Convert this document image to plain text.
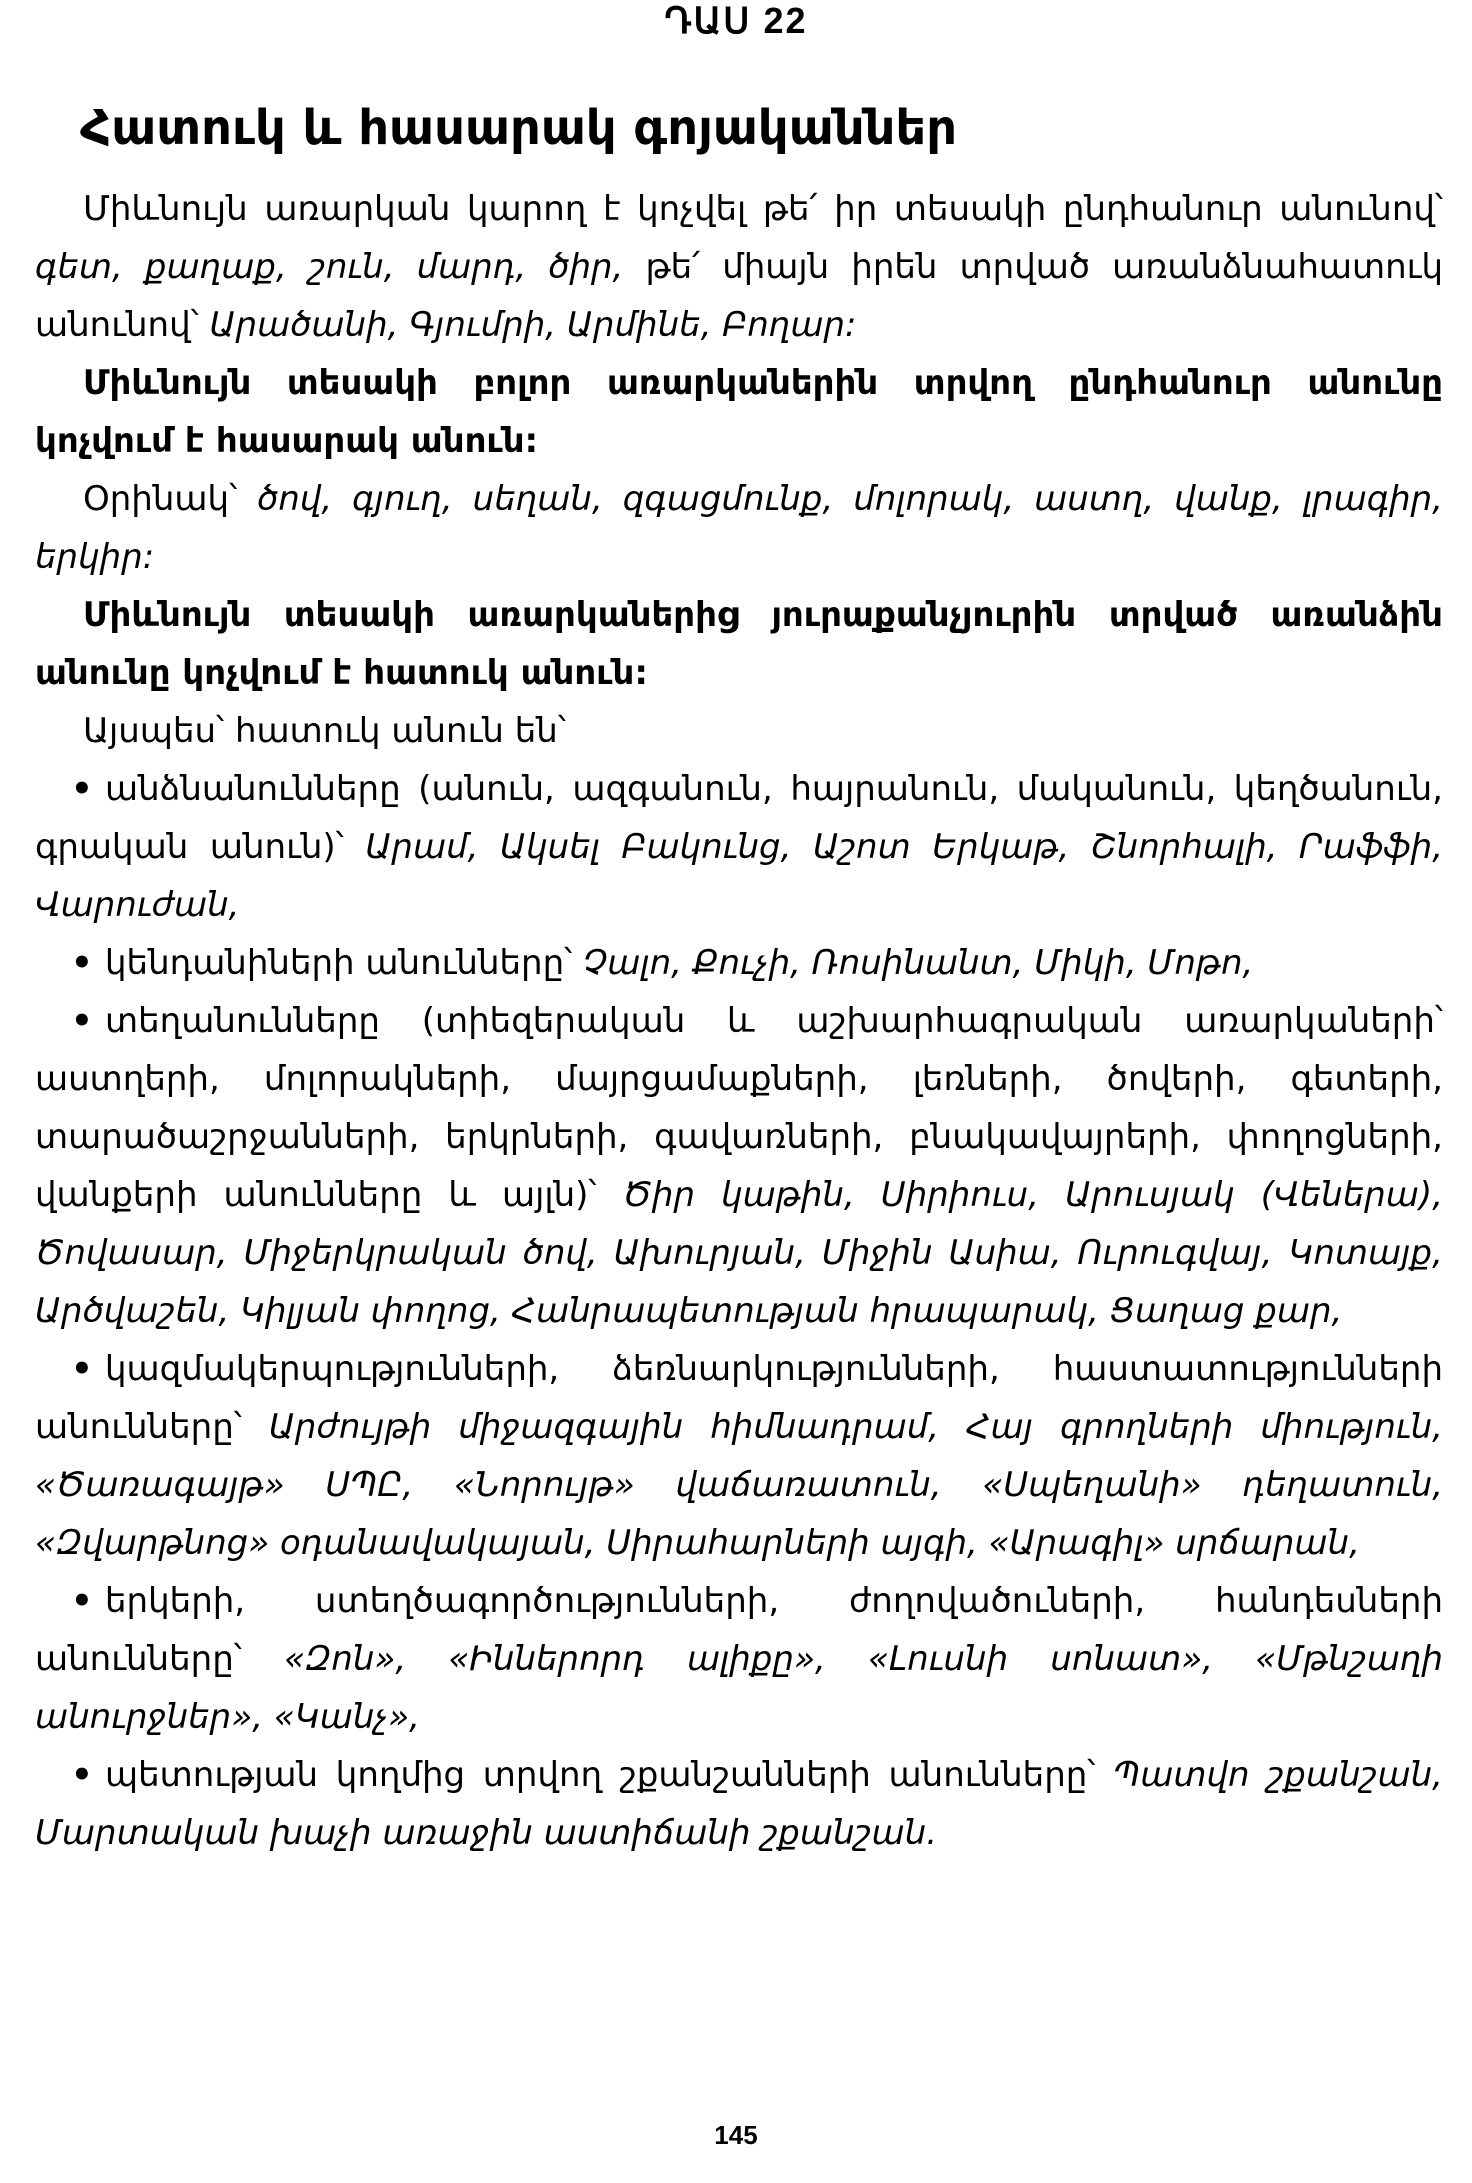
ԴԱՍ 22
Հատուկ և հասարակ գոյականներ

Միևնույն առարկան կարող է կոչվել թե՛ իր տեսակի ընդհանուր անունով՝ գետ, քաղաք, շուն, մարդ, ծիր, թե՛ միայն իրեն տրված առանձնահատուկ անունով՝ Արածանի, Գյումրի, Արմինե, Բողար:

Միևնույն տեսակի բոլոր առարկաներին տրվող ընդհանուր անունը կոչվում է հասարակ անուն:

Օրինակ՝ ծով, գյուղ, սեղան, զգացմունք, մոլորակ, աստղ, վանք, լրագիր, երկիր:

Միևնույն տեսակի առարկաներից յուրաքանչյուրին տրված առանձին անունը կոչվում է հատուկ անուն:

Այսպես՝ հատուկ անուն են՝

• անձնանունները (անուն, ազգանուն, հայրանուն, մականուն, կեղծանուն, գրական անուն)՝ Արամ, Ակսել Բակունց, Աշոտ Երկաթ, Շնորհալի, Րաֆֆի, Վարուժան,

• կենդանիների անունները՝ Չալո, Քուչի, Ռոսինանտ, Միկի, Մոթո,

• տեղանունները (տիեզերական և աշխարհագրական առարկաների՝ աստղերի, մոլորակների, մայրցամաքների, լեռների, ծովերի, գետերի, տարածաշրջանների, երկրների, գավառների, բնակավայրերի, փողոցների, վանքերի անունները և այլն)՝ Ծիր կաթին, Սիրիուս, Արուսյակ (Վեներա), Ծովասար, Միջերկրական ծով, Ախուրյան, Միջին Ասիա, Ուրուգվայ, Կոտայք, Արծվաշեն, Կիլյան փողոց, Հանրապետության հրապարակ, Ցաղաց քար,

• կազմակերպությունների, ձեռնարկությունների, հաստատությունների անունները՝ Արժույթի միջազգային հիմնադրամ, Հայ գրողների միություն, «Ծառագայթ» ՍՊԸ, «Նորույթ» վաճառատուն, «Սպեղանի» դեղատուն, «Զվարթնոց» օդանավակայան, Սիրահարների այգի, «Արագիլ» սրճարան,

• երկերի, ստեղծագործությունների, ժողովածուների, հանդեսների անունները՝ «Զոն», «Իններորդ ալիքը», «Լուսնի սոնատ», «Մթնշաղի անուրջներ», «Կանչ»,

• պետության կողմից տրվող շքանշանների անունները՝ Պատվո շքանշան, Մարտական խաչի առաջին աստիճանի շքանշան.

145
